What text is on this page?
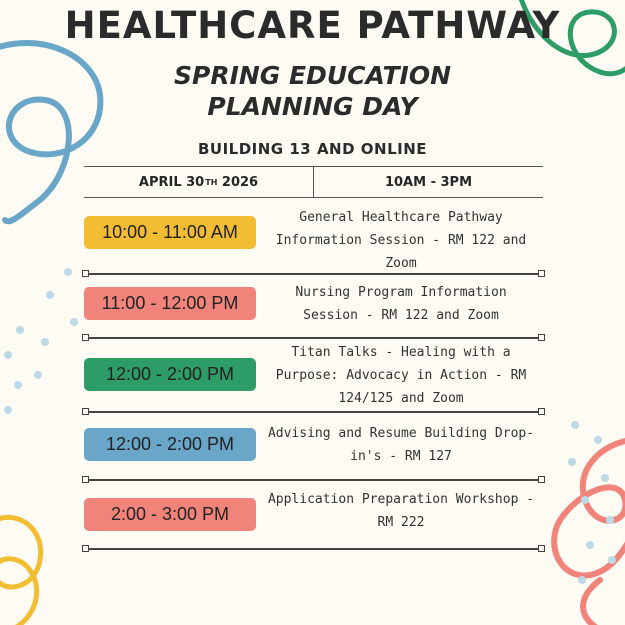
HEALTHCARE PATHWAY
SPRING EDUCATION
PLANNING DAY
BUILDING 13 AND ONLINE
APRIL 30 TH
2026	10AM - 3PM
10:00 - 11:00 AM
General Healthcare Pathway Information Session - RM 122 and Zoom
11:00 - 12:00 PM
Nursing Program Information Session - RM 122 and Zoom
12:00 - 2:00 PM
Titan Talks - Healing with a Purpose: Advocacy in Action - RM 124/125 and Zoom
12:00 - 2:00 PM
Advising and Resume Building Drop-in's - RM 127
2:00 - 3:00 PM
Application Preparation Workshop - RM 222
